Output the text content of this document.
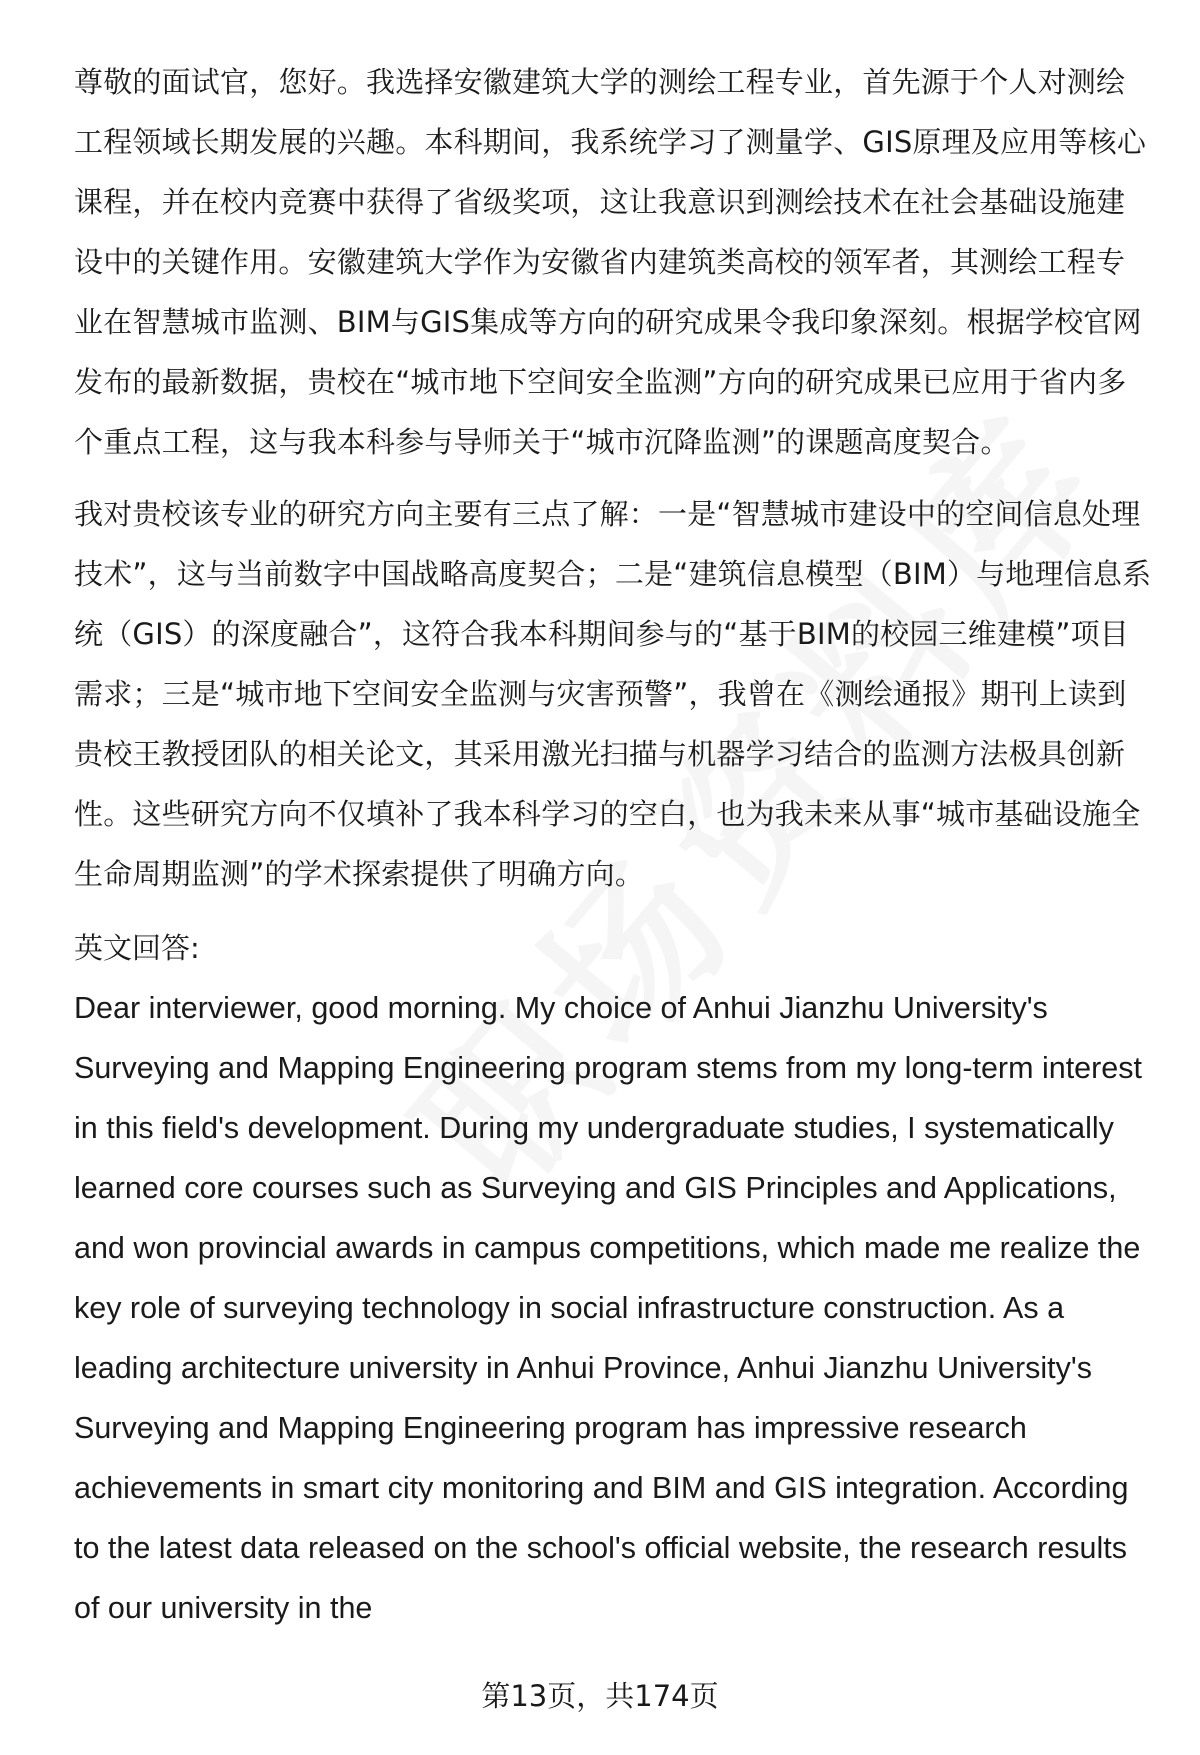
尊敬的面试官，您好。我选择安徽建筑大学的测绘工程专业，首先源于个人对测绘工程领域长期发展的兴趣。本科期间，我系统学习了测量学、GIS原理及应用等核心课程，并在校内竞赛中获得了省级奖项，这让我意识到测绘技术在社会基础设施建设中的关键作用。安徽建筑大学作为安徽省内建筑类高校的领军者，其测绘工程专业在智慧城市监测、BIM与GIS集成等方向的研究成果令我印象深刻。根据学校官网发布的最新数据，贵校在“城市地下空间安全监测”方向的研究成果已应用于省内多个重点工程，这与我本科参与导师关于“城市沉降监测”的课题高度契合。

我对贵校该专业的研究方向主要有三点了解：一是“智慧城市建设中的空间信息处理技术”，这与当前数字中国战略高度契合；二是“建筑信息模型（BIM）与地理信息系统（GIS）的深度融合”，这符合我本科期间参与的“基于BIM的校园三维建模”项目需求；三是“城市地下空间安全监测与灾害预警”，我曾在《测绘通报》期刊上读到贵校王教授团队的相关论文，其采用激光扫描与机器学习结合的监测方法极具创新性。这些研究方向不仅填补了我本科学习的空白，也为我未来从事“城市基础设施全生命周期监测”的学术探索提供了明确方向。

英文回答:

Dear interviewer, good morning. My choice of Anhui Jianzhu University's Surveying and Mapping Engineering program stems from my long-term interest in this field's development. During my undergraduate studies, I systematically learned core courses such as Surveying and GIS Principles and Applications, and won provincial awards in campus competitions, which made me realize the key role of surveying technology in social infrastructure construction. As a leading architecture university in Anhui Province, Anhui Jianzhu University's Surveying and Mapping Engineering program has impressive research achievements in smart city monitoring and BIM and GIS integration. According to the latest data released on the school's official website, the research results of our university in the

第13页，共174页
